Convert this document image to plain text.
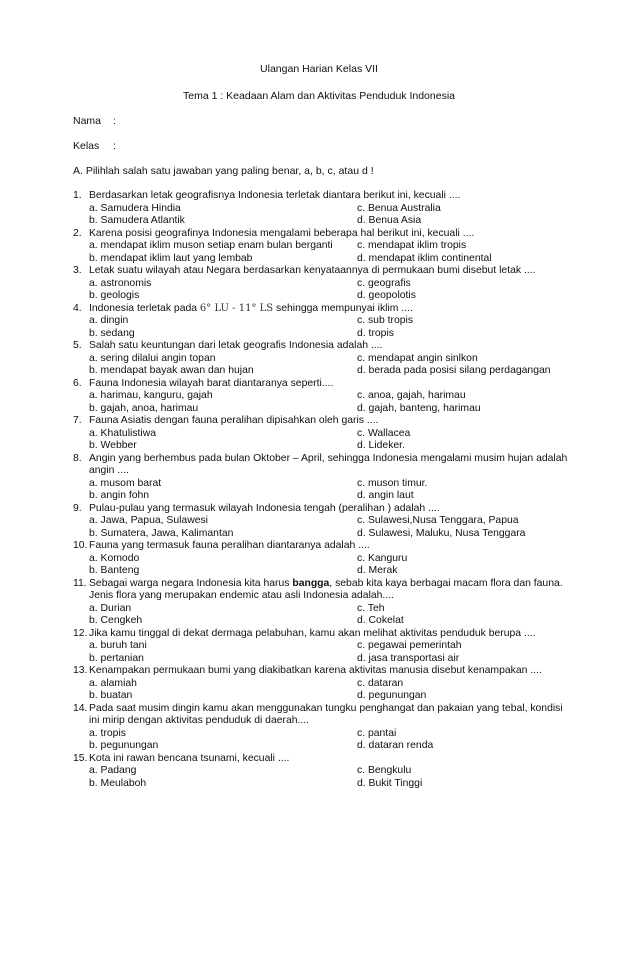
Ulangan Harian Kelas VII
Tema 1 : Keadaan Alam dan Aktivitas Penduduk Indonesia
Nama :
Kelas :
A. Pilihlah salah satu jawaban yang paling benar, a, b, c, atau d !
1. Berdasarkan letak geografisnya Indonesia terletak diantara berikut ini, kecuali ....
a. Samudera Hindia	c. Benua Australia
b. Samudera Atlantik	d. Benua Asia
2. Karena posisi geografinya Indonesia mengalami beberapa hal berikut ini, kecuali ....
a. mendapat iklim muson setiap enam bulan berganti	c. mendapat iklim tropis
b. mendapat iklim laut yang lembab	d. mendapat iklim continental
3. Letak suatu wilayah atau Negara berdasarkan kenyataannya di permukaan bumi disebut letak ....
a. astronomis	c. geografis
b. geologis	d. geopolotis
4. Indonesia terletak pada 6° LU - 11° LS sehingga mempunyai iklim ....
a. dingin	c. sub tropis
b. sedang	d. tropis
5. Salah satu keuntungan dari letak geografis Indonesia adalah ....
a. sering dilalui angin topan	c. mendapat angin sinlkon
b. mendapat bayak awan dan hujan	d. berada pada posisi silang perdagangan
6. Fauna Indonesia wilayah barat diantaranya seperti....
a. harimau, kanguru, gajah	c. anoa, gajah, harimau
b. gajah, anoa, harimau	d. gajah, banteng, harimau
7. Fauna Asiatis dengan fauna peralihan dipisahkan oleh garis ....
a. Khatulistiwa	c. Wallacea
b. Webber	d. Lideker.
8. Angin yang berhembus pada bulan Oktober – April, sehingga Indonesia mengalami musim hujan adalah
angin ....
a. musom barat	c. muson timur.
b. angin fohn	d. angin laut
9. Pulau-pulau yang termasuk wilayah Indonesia tengah (peralihan ) adalah ....
a. Jawa, Papua, Sulawesi	c. Sulawesi,Nusa Tenggara, Papua
b. Sumatera, Jawa, Kalimantan	d. Sulawesi, Maluku, Nusa Tenggara
10. Fauna yang termasuk fauna peralihan diantaranya adalah ....
a. Komodo	c. Kanguru
b. Banteng	d. Merak
11. Sebagai warga negara Indonesia kita harus bangga, sebab kita kaya berbagai macam flora dan fauna.
Jenis flora yang merupakan endemic atau asli Indonesia adalah....
a. Durian	c. Teh
b. Cengkeh	d. Cokelat
12. Jika kamu tinggal di dekat dermaga pelabuhan, kamu akan melihat aktivitas penduduk berupa ....
a. buruh tani	c. pegawai pemerintah
b. pertanian	d. jasa transportasi air
13. Kenampakan permukaan bumi yang diakibatkan karena aktivitas manusia disebut kenampakan ....
a. alamiah	c. dataran
b. buatan	d. pegunungan
14. Pada saat musim dingin kamu akan menggunakan tungku penghangat dan pakaian yang tebal, kondisi
ini mirip dengan aktivitas penduduk di daerah....
a. tropis	c. pantai
b. pegunungan	d. dataran renda
15. Kota ini rawan bencana tsunami, kecuali ....
a. Padang	c. Bengkulu
b. Meulaboh	d. Bukit Tinggi
